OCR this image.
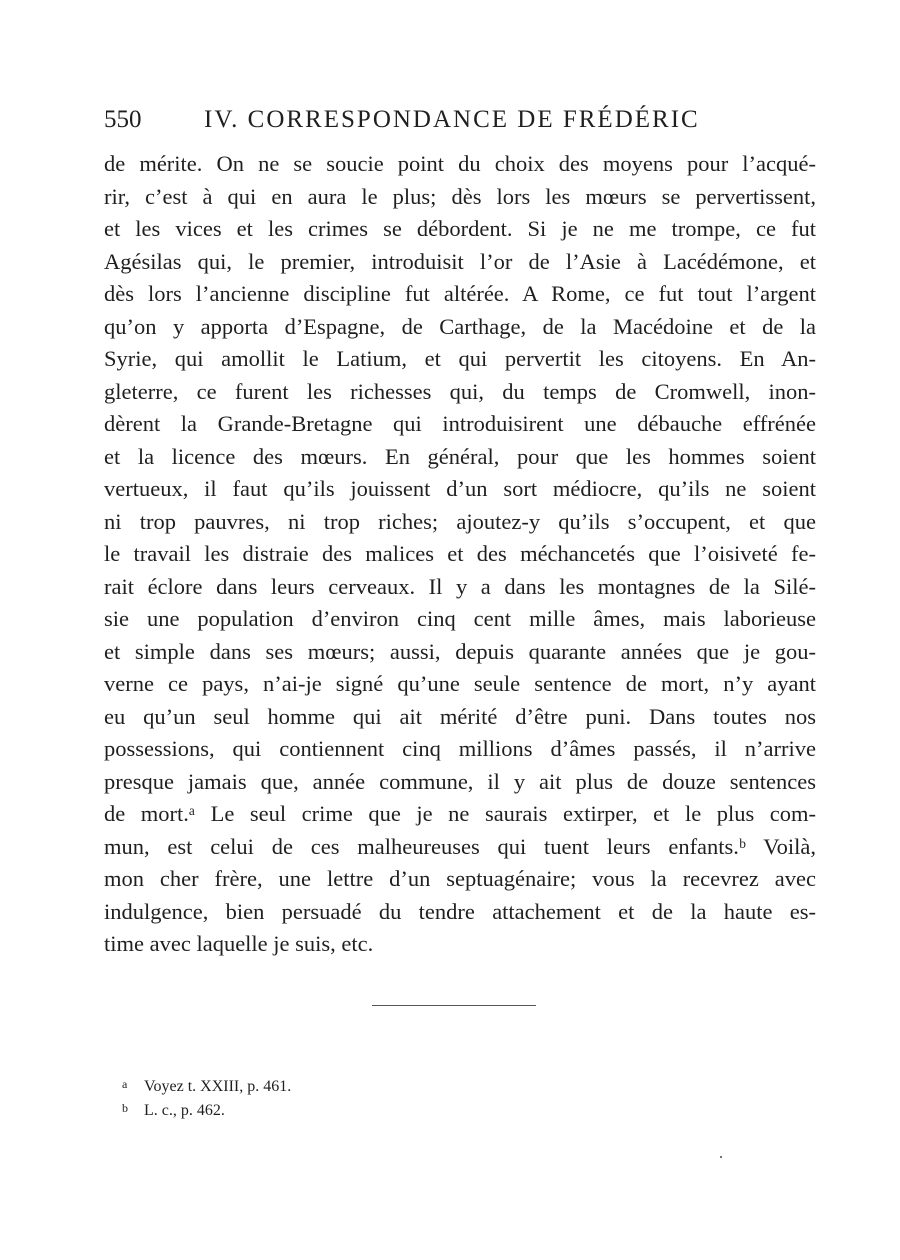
550	IV. CORRESPONDANCE DE FRÉDÉRIC
de mérite. On ne se soucie point du choix des moyens pour l’acqué-
rir, c’est à qui en aura le plus; dès lors les mœurs se pervertissent,
et les vices et les crimes se débordent. Si je ne me trompe, ce fut
Agésilas qui, le premier, introduisit l’or de l’Asie à Lacédémone, et
dès lors l’ancienne discipline fut altérée. A Rome, ce fut tout l’argent
qu’on y apporta d’Espagne, de Carthage, de la Macédoine et de la
Syrie, qui amollit le Latium, et qui pervertit les citoyens. En An-
gleterre, ce furent les richesses qui, du temps de Cromwell, inon-
dèrent la Grande-Bretagne qui introduisirent une débauche effrénée
et la licence des mœurs. En général, pour que les hommes soient
vertueux, il faut qu’ils jouissent d’un sort médiocre, qu’ils ne soient
ni trop pauvres, ni trop riches; ajoutez-y qu’ils s’occupent, et que
le travail les distraie des malices et des méchancetés que l’oisiveté fe-
rait éclore dans leurs cerveaux. Il y a dans les montagnes de la Silé-
sie une population d’environ cinq cent mille âmes, mais laborieuse
et simple dans ses mœurs; aussi, depuis quarante années que je gou-
verne ce pays, n’ai-je signé qu’une seule sentence de mort, n’y ayant
eu qu’un seul homme qui ait mérité d’être puni. Dans toutes nos
possessions, qui contiennent cinq millions d’âmes passés, il n’arrive
presque jamais que, année commune, il y ait plus de douze sentences
de mort.ᵃ Le seul crime que je ne saurais extirper, et le plus com-
mun, est celui de ces malheureuses qui tuent leurs enfants.ᵇ Voilà,
mon cher frère, une lettre d’un septuagénaire; vous la recevrez avec
indulgence, bien persuadé du tendre attachement et de la haute es-
time avec laquelle je suis, etc.
a Voyez t. XXIII, p. 461.
b L. c., p. 462.
